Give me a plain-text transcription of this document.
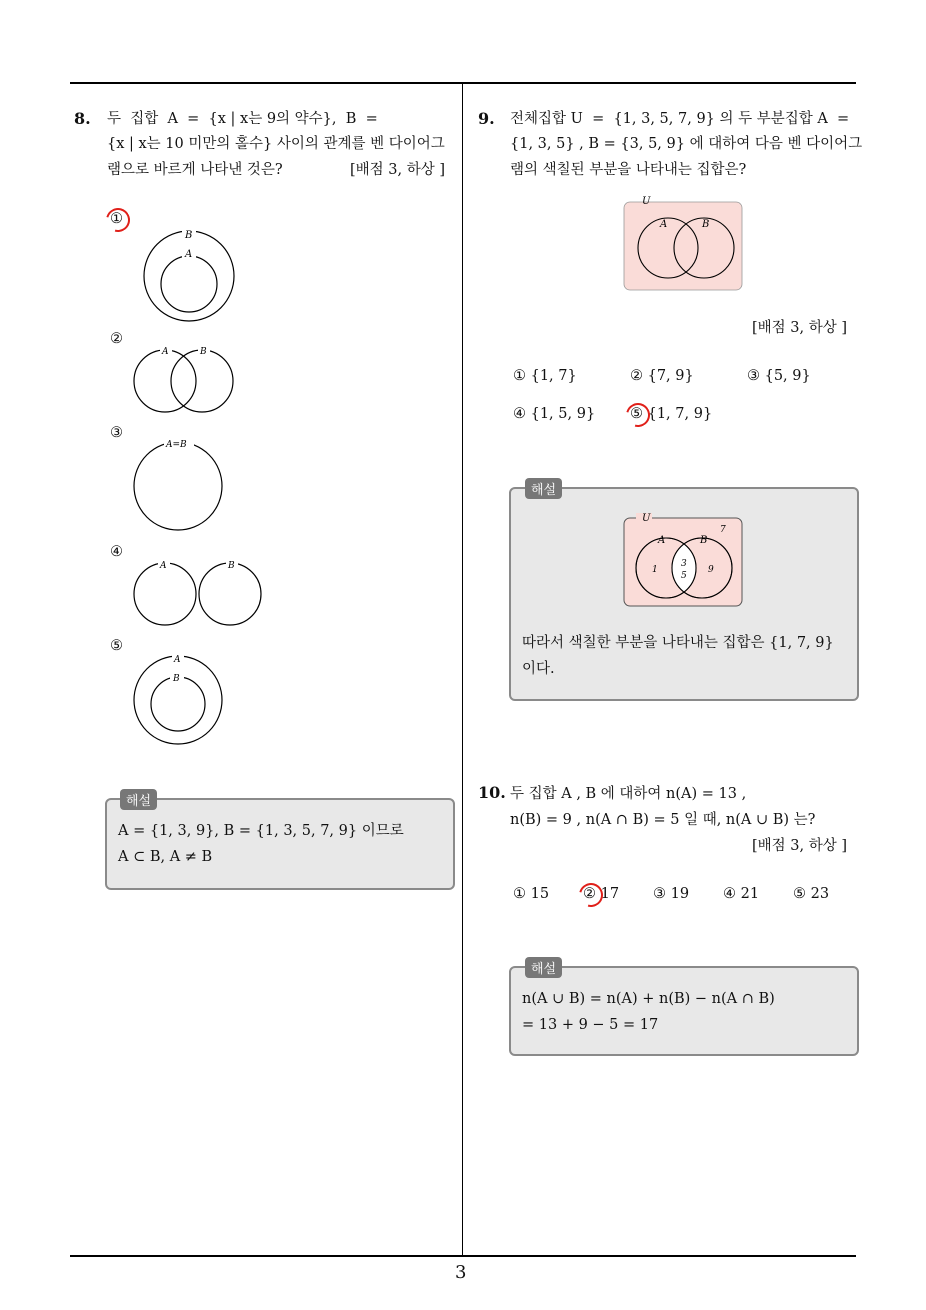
3
8. 두  집합  A  =  {x | x는 9의 약수},  B  =
{x | x는 10 미만의 홀수} 사이의 관계를 벤 다이어그
램으로 바르게 나타낸 것은?	[배점 3, 하상 ]
①
B
A
②
A	B
③
A=B
④
A	B
⑤
A
B
해설
A = {1, 3, 9}, B = {1, 3, 5, 7, 9} 이므로
A ⊂ B, A ≠ B
9. 전체집합 U  =  {1, 3, 5, 7, 9} 의 두 부분집합 A  =
{1, 3, 5} , B = {3, 5, 9} 에 대하여 다음 벤 다이어그
램의 색칠된 부분을 나타내는 집합은?
U
A	B
[배점 3, 하상 ]
① {1, 7}	② {7, 9}	③ {5, 9}
④ {1, 5, 9} ⑤ {1, 7, 9}
해설
U
A	B
7
1
3
5
9
따라서 색칠한 부분을 나타내는 집합은 {1, 7, 9}
이다.
10. 두 집합 A , B 에 대하여 n(A) = 13 ,
n(B) = 9 , n(A ∩ B) = 5 일 때, n(A ∪ B) 는?
[배점 3, 하상 ]
① 15 ② 17 ③ 19 ④ 21 ⑤ 23
해설
n(A ∪ B) = n(A) + n(B) − n(A ∩ B)
= 13 + 9 − 5 = 17
